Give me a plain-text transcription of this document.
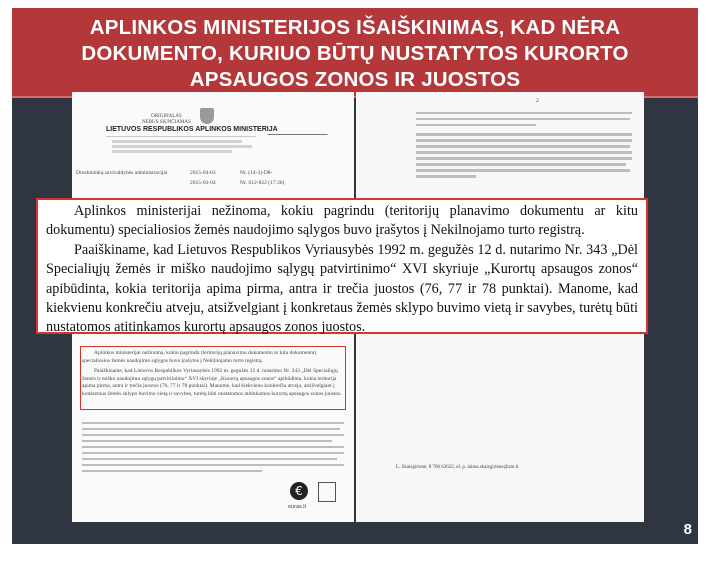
APLINKOS MINISTERIJOS IŠAIŠKINIMAS, KAD NĖRA DOKUMENTO, KURIUO BŪTŲ NUSTATYTOS KURORTO APSAUGOS ZONOS IR JUOSTOS
ORIGINALAS
NEBUS SIUNČIAMAS
LIETUVOS RESPUBLIKOS APLINKOS MINISTERIJA
Druskininkų savivaldybės administracijai	2015-04-03	Nr. (14-3)-D8-
2015-03-04	Nr. S12-822 (17.36)
Aplinkos ministerijai nežinoma, kokiu pagrindu (teritorijų planavimo dokumentu ar kitu dokumentu) specialiosios žemės naudojimo sąlygos buvo įrašytos į Nekilnojamo turto registrą.
Paaiškiname, kad Lietuvos Respublikos Vyriausybės 1992 m. gegužės 12 d. nutarimo Nr. 343 „Dėl Specialiųjų žemės ir miško naudojimo sąlygų patvirtinimo“ XVI skyriuje „Kurortų apsaugos zonos“ apibūdinta, kokia teritorija apima pirma, antra ir trečia juostos (76, 77 ir 78 punktai). Manome, kad kiekvienu konkrečiu atveju, atsižvelgiant į konkretaus žemės sklypo buvimo vietą ir savybes, turėtų būti nustatomos atitinkamos kurortų apsaugos zonos juostos.
€
euras.lt
2
L. Skaisgirienė, 8 706 63622, el. p. laima.skaisgiriene@am.lt

Aplinkos ministerijai nežinoma, kokiu pagrindu (teritorijų planavimo dokumentu ar kitu dokumentu) specialiosios žemės naudojimo sąlygos buvo įrašytos į Nekilnojamo turto registrą.

Paaiškiname, kad Lietuvos Respublikos Vyriausybės 1992 m. gegužės 12 d. nutarimo Nr. 343 „Dėl Specialiųjų žemės ir miško naudojimo sąlygų patvirtinimo“ XVI skyriuje „Kurortų apsaugos zonos“ apibūdinta, kokia teritorija apima pirma, antra ir trečia juostos (76, 77 ir 78 punktai). Manome, kad kiekvienu konkrečiu atveju, atsižvelgiant į konkretaus žemės sklypo buvimo vietą ir savybes, turėtų būti nustatomos atitinkamos kurortų apsaugos zonos juostos.

8
